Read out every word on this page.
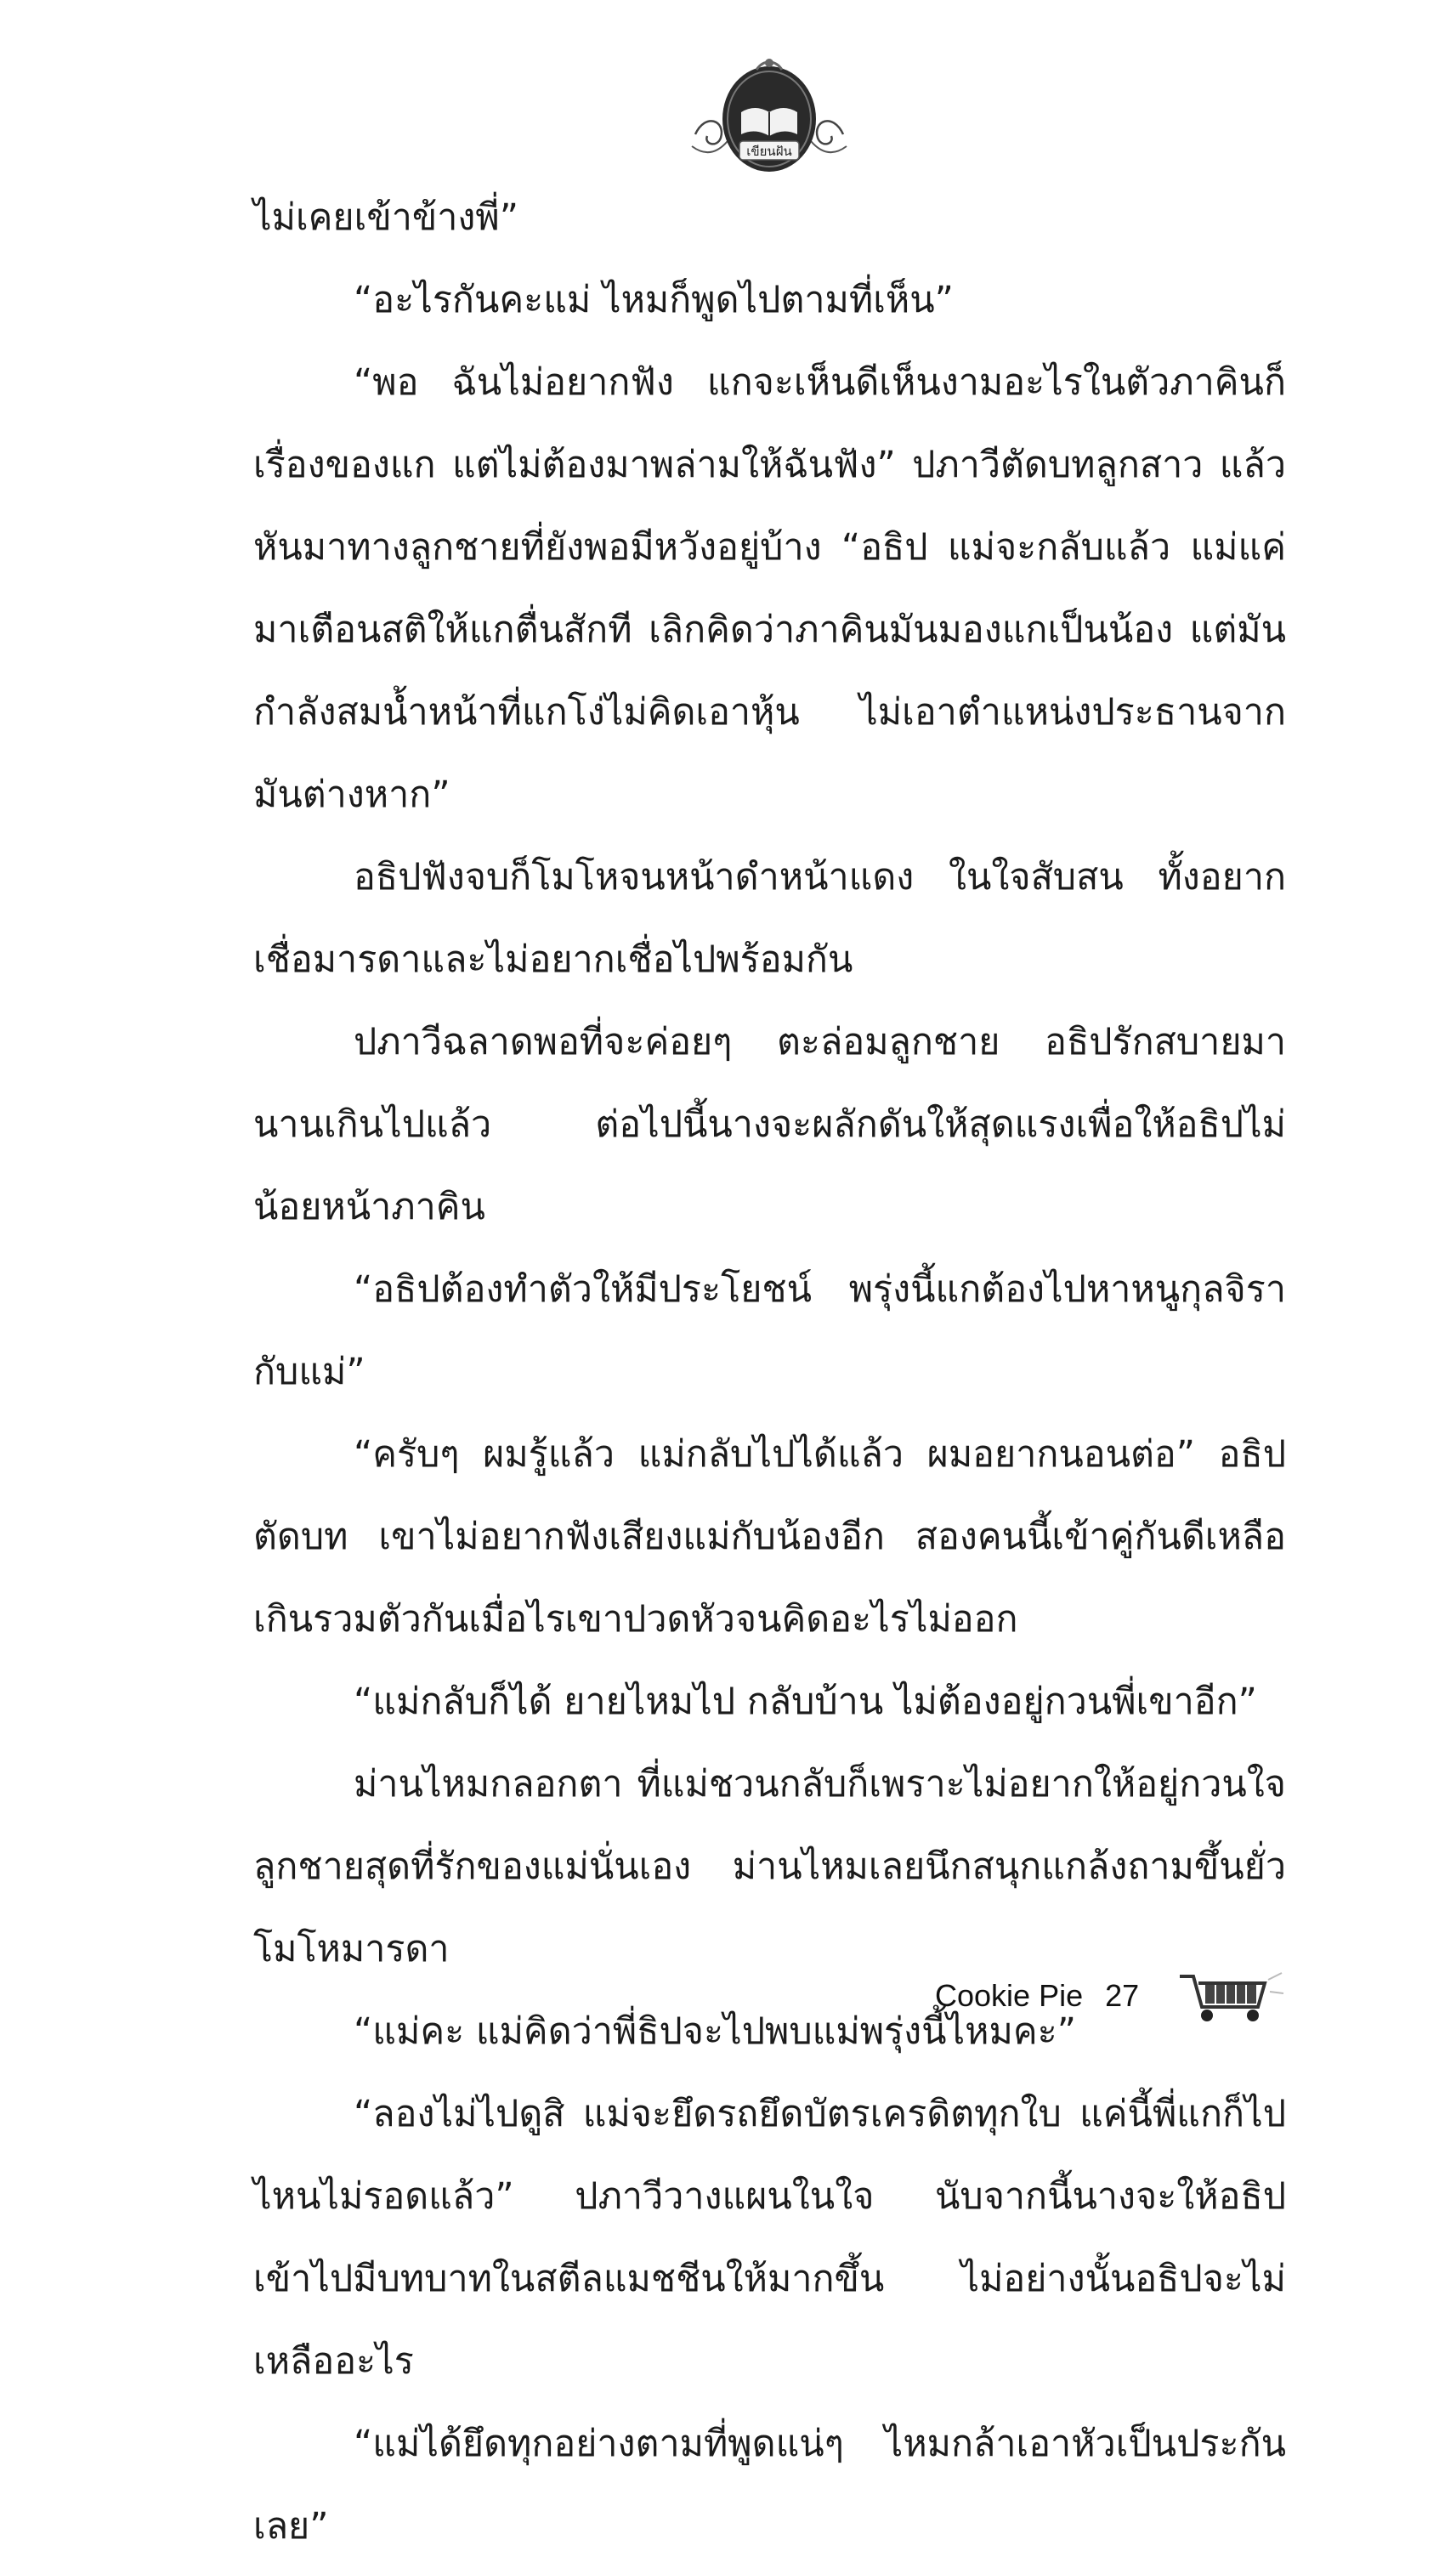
เขียนฝัน

ไม่เคยเข้าข้างพี่”

“อะไรกันคะแม่ ไหมก็พูดไปตามที่เห็น”

“พอ ฉันไม่อยากฟัง แกจะเห็นดีเห็นงามอะไรในตัวภาคินก็เรื่องของแก แต่ไม่ต้องมาพล่ามให้ฉันฟัง” ปภาวีตัดบทลูกสาว แล้วหันมาทางลูกชายที่ยังพอมีหวังอยู่บ้าง “อธิป แม่จะกลับแล้ว แม่แค่มาเตือนสติให้แกตื่นสักที เลิกคิดว่าภาคินมันมองแกเป็นน้อง แต่มันกำลังสมน้ำหน้าที่แกโง่ไม่คิดเอาหุ้น ไม่เอาตำแหน่งประธานจากมันต่างหาก”

อธิปฟังจบก็โมโหจนหน้าดำหน้าแดง ในใจสับสน ทั้งอยากเชื่อมารดาและไม่อยากเชื่อไปพร้อมกัน

ปภาวีฉลาดพอที่จะค่อยๆ ตะล่อมลูกชาย อธิปรักสบายมานานเกินไปแล้ว ต่อไปนี้นางจะผลักดันให้สุดแรงเพื่อให้อธิปไม่น้อยหน้าภาคิน

“อธิปต้องทำตัวให้มีประโยชน์ พรุ่งนี้แกต้องไปหาหนูกุลจิรากับแม่”

“ครับๆ ผมรู้แล้ว แม่กลับไปได้แล้ว ผมอยากนอนต่อ” อธิปตัดบท เขาไม่อยากฟังเสียงแม่กับน้องอีก สองคนนี้เข้าคู่กันดีเหลือเกินรวมตัวกันเมื่อไรเขาปวดหัวจนคิดอะไรไม่ออก

“แม่กลับก็ได้ ยายไหมไป กลับบ้าน ไม่ต้องอยู่กวนพี่เขาอีก”

ม่านไหมกลอกตา ที่แม่ชวนกลับก็เพราะไม่อยากให้อยู่กวนใจลูกชายสุดที่รักของแม่นั่นเอง ม่านไหมเลยนึกสนุกแกล้งถามขึ้นยั่วโมโหมารดา

“แม่คะ แม่คิดว่าพี่ธิปจะไปพบแม่พรุ่งนี้ไหมคะ”

“ลองไม่ไปดูสิ แม่จะยึดรถยึดบัตรเครดิตทุกใบ แค่นี้พี่แกก็ไปไหนไม่รอดแล้ว” ปภาวีวางแผนในใจ นับจากนี้นางจะให้อธิปเข้าไปมีบทบาทในสตีลแมชชีนให้มากขึ้น ไม่อย่างนั้นอธิปจะไม่เหลืออะไร

“แม่ได้ยึดทุกอย่างตามที่พูดแน่ๆ ไหมกล้าเอาหัวเป็นประกันเลย”

Cookie Pie 27
